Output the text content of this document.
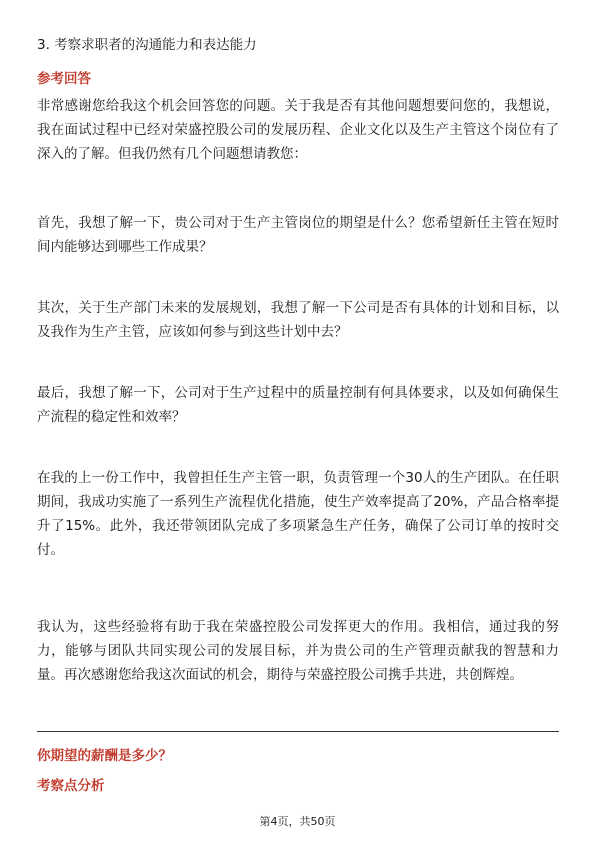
3. 考察求职者的沟通能力和表达能力
参考回答

非常感谢您给我这个机会回答您的问题。关于我是否有其他问题想要问您的，我想说，我在面试过程中已经对荣盛控股公司的发展历程、企业文化以及生产主管这个岗位有了深入的了解。但我仍然有几个问题想请教您：

首先，我想了解一下，贵公司对于生产主管岗位的期望是什么？您希望新任主管在短时间内能够达到哪些工作成果？

其次，关于生产部门未来的发展规划，我想了解一下公司是否有具体的计划和目标，以及我作为生产主管，应该如何参与到这些计划中去？

最后，我想了解一下，公司对于生产过程中的质量控制有何具体要求，以及如何确保生产流程的稳定性和效率？

在我的上一份工作中，我曾担任生产主管一职，负责管理一个30人的生产团队。在任职期间，我成功实施了一系列生产流程优化措施，使生产效率提高了20%，产品合格率提升了15%。此外，我还带领团队完成了多项紧急生产任务，确保了公司订单的按时交付。

我认为，这些经验将有助于我在荣盛控股公司发挥更大的作用。我相信，通过我的努力，能够与团队共同实现公司的发展目标，并为贵公司的生产管理贡献我的智慧和力量。再次感谢您给我这次面试的机会，期待与荣盛控股公司携手共进，共创辉煌。

你期望的薪酬是多少？
考察点分析
第4页，共50页
